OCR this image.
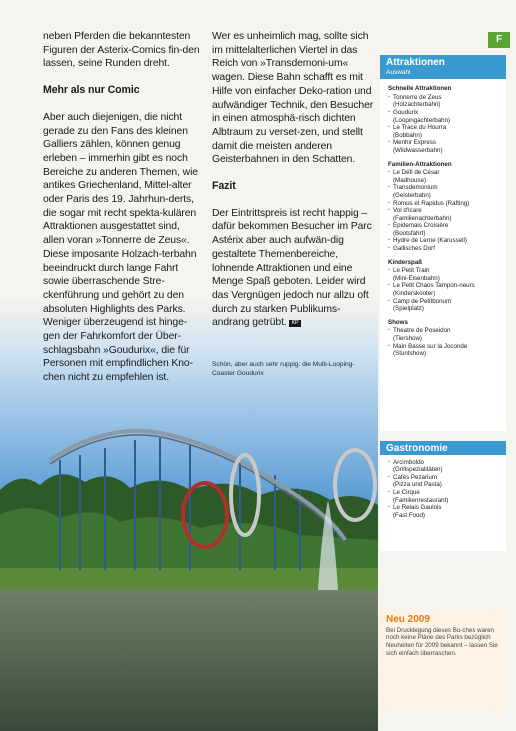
neben Pferden die bekanntesten Figuren der Asterix-Comics fin-den lassen, seine Runden dreht.

Mehr als nur Comic

Aber auch diejenigen, die nicht gerade zu den Fans des kleinen Galliers zählen, können genug erleben – immerhin gibt es noch Bereiche zu anderen Themen, wie antikes Griechenland, Mittel-alter oder Paris des 19. Jahrhun-derts, die sogar mit recht spekta-kulären Attraktionen ausgestattet sind, allen voran »Tonnerre de Zeus«. Diese imposante Holzach-terbahn beeindruckt durch lange Fahrt sowie überraschende Stre-ckenführung und gehört zu den absoluten Highlights des Parks. Weniger überzeugend ist hinge-gen der Fahrkomfort der Über-schlagsbahn »Goudurix«, die für Personen mit empfindlichen Kno-chen nicht zu empfehlen ist.

Wer es unheimlich mag, sollte sich im mittelalterlichen Viertel in das Reich von »Transdemoni-um« wagen. Diese Bahn schafft es mit Hilfe von einfacher Deko-ration und aufwändiger Technik, den Besucher in einen atmosphä-risch dichten Albtraum zu verset-zen, und stellt damit die meisten anderen Geisterbahnen in den Schatten.

Fazit

Der Eintrittspreis ist recht happig – dafür bekommen Besucher im Parc Astérix aber auch aufwän-dig gestaltete Themenbereiche, lohnende Attraktionen und eine Menge Spaß geboten. Leider wird das Vergnügen jedoch nur allzu oft durch zu starken Publikums-andrang getrübt. KP

Schön, aber auch sehr ruppig: die Multi-Looping-Coaster Goudurix
F
Attraktionen
Auswahl
Schnelle Attraktionen
▪ Tonnerre de Zeus
(Holzachterbahn)
▪ Goudurix
(Loopingachterbahn)
▪ Le Trace du Hourra
(Bobbahn)
▪ Menhir Express
(Wildwasserbahn)
Familien-Attraktionen
▪ Le Défi de César
(Madhouse)
▪ Transdemonium
(Geisterbahn)
▪ Romus et Rapidus (Rafting)
▪ Vol d'Icare
(Familienachterbahn)
▪ Epidemais Croisière
(Bootsfahrt)
▪ Hydre de Lerne (Karussell)
▪ Gallisches Dorf
Kinderspaß
▪ Le Petit Train
(Mini-Eisenbahn)
▪ Le Petit Chaos Tampon-neurs (Kinderskooter)
▪ Camp de Petitbonum
(Spielplatz)
Shows
▪ Theatre de Poseidon
(Tiershow)
▪ Main Basse sur la Joconde
(Stuntshow)
Gastronomie
▪ Arcimboldo
(Grillspezialitäten)
▪ Cafés Pezarium
(Pizza und Pasta)
▪ Le Cirque
(Familienrestaurant)
▪ Le Relais Gaulois
(Fast Food)
Neu 2009
Bei Drucklegung dieses Bu-ches waren noch keine Pläne des Parks bezüglich Neuheiten für 2009 bekannt – lassen Sie sich einfach überraschen.
